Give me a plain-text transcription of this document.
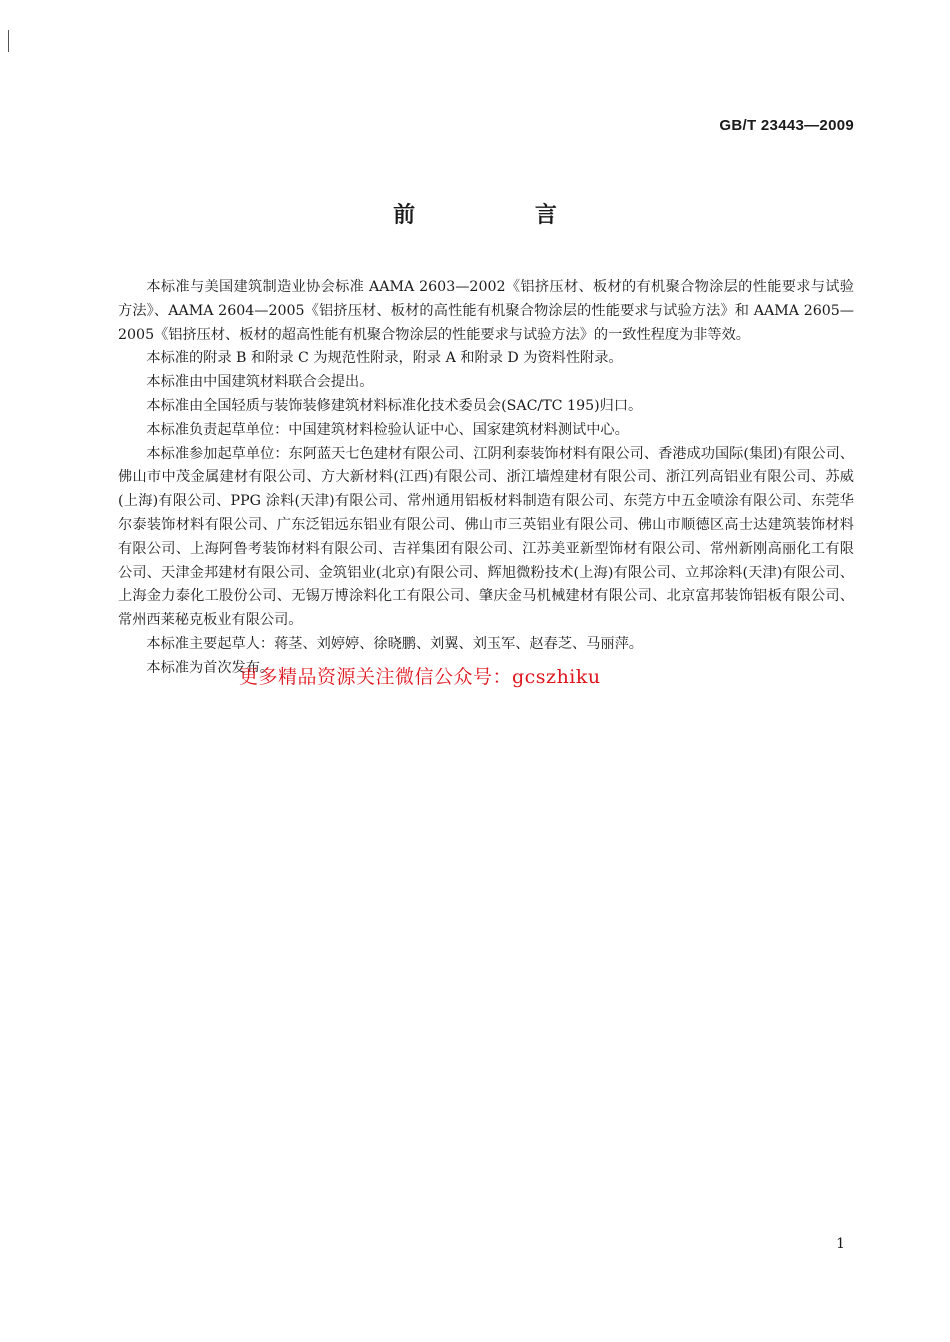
GB/T 23443—2009
前 言

本标准与美国建筑制造业协会标准 AAMA 2603—2002《铝挤压材、板材的有机聚合物涂层的性能要求与试验方法》、AAMA 2604—2005《铝挤压材、板材的高性能有机聚合物涂层的性能要求与试验方法》和 AAMA 2605—2005《铝挤压材、板材的超高性能有机聚合物涂层的性能要求与试验方法》的一致性程度为非等效。

本标准的附录 B 和附录 C 为规范性附录，附录 A 和附录 D 为资料性附录。

本标准由中国建筑材料联合会提出。

本标准由全国轻质与装饰装修建筑材料标准化技术委员会(SAC/TC 195)归口。

本标准负责起草单位：中国建筑材料检验认证中心、国家建筑材料测试中心。

本标准参加起草单位：东阿蓝天七色建材有限公司、江阴利泰装饰材料有限公司、香港成功国际(集团)有限公司、佛山市中茂金属建材有限公司、方大新材料(江西)有限公司、浙江墙煌建材有限公司、浙江列高铝业有限公司、苏威(上海)有限公司、PPG 涂料(天津)有限公司、常州通用铝板材料制造有限公司、东莞方中五金喷涂有限公司、东莞华尔泰装饰材料有限公司、广东泛铝远东铝业有限公司、佛山市三英铝业有限公司、佛山市顺德区高士达建筑装饰材料有限公司、上海阿鲁考装饰材料有限公司、吉祥集团有限公司、江苏美亚新型饰材有限公司、常州新刚高丽化工有限公司、天津金邦建材有限公司、金筑铝业(北京)有限公司、辉旭微粉技术(上海)有限公司、立邦涂料(天津)有限公司、上海金力泰化工股份公司、无锡万博涂料化工有限公司、肇庆金马机械建材有限公司、北京富邦装饰铝板有限公司、常州西莱秘克板业有限公司。

本标准主要起草人：蒋茎、刘婷婷、徐晓鹏、刘翼、刘玉军、赵春芝、马丽萍。

本标准为首次发布。

更多精品资源关注微信公众号：gcszhiku
1
